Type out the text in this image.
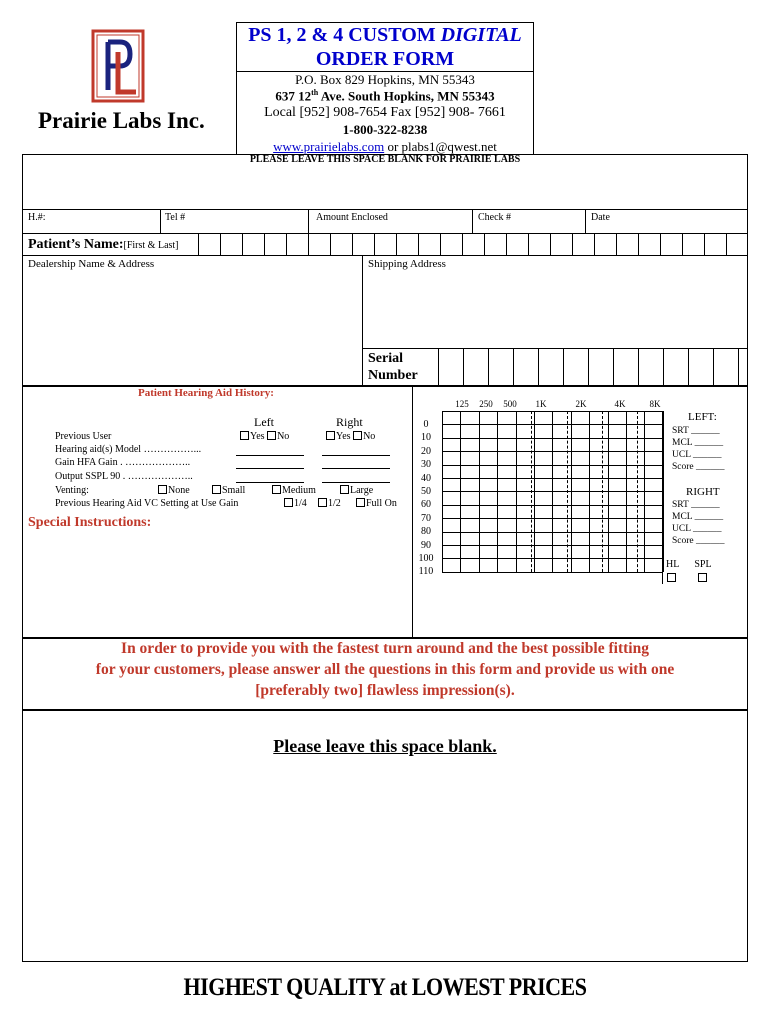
Prairie Labs Inc.
PS 1, 2 & 4 CUSTOM DIGITAL
ORDER FORM
P.O. Box 829 Hopkins, MN 55343
637 12th Ave. South Hopkins, MN 55343
Local [952] 908-7654 Fax [952] 908- 7661
1-800-322-8238
www.prairielabs.com or plabs1@qwest.net
PLEASE LEAVE THIS SPACE BLANK FOR PRAIRIE LABS
H.#:	Tel #	Amount Enclosed	Check #	Date
Patient’s Name:[First & Last]
Dealership Name & Address	Shipping Address
Serial
Number
Patient Hearing Aid History:
Left	Right
Previous User	Yes No	Yes No
Hearing aid(s) Model ……………...
Gain HFA Gain . ………………..
Output SSPL 90 . ………………..
Venting:	None	Small	Medium	Large
Previous Hearing Aid VC Setting at Use Gain	1/4	1/2	Full On
Special Instructions:
125 250 500 1K	2K	4K	8K
0
10
20
30
40
50
60
70
80
90
100
110
LEFT:
SRT ______
MCL ______
UCL ______
Score ______
RIGHT
SRT ______
MCL ______
UCL ______
Score ______
HL SPL
In order to provide you with the fastest turn around and the best possible fitting
for your customers, please answer all the questions in this form and provide us with one
[preferably two] flawless impression(s).
Please leave this space blank.
HIGHEST QUALITY at LOWEST PRICES
